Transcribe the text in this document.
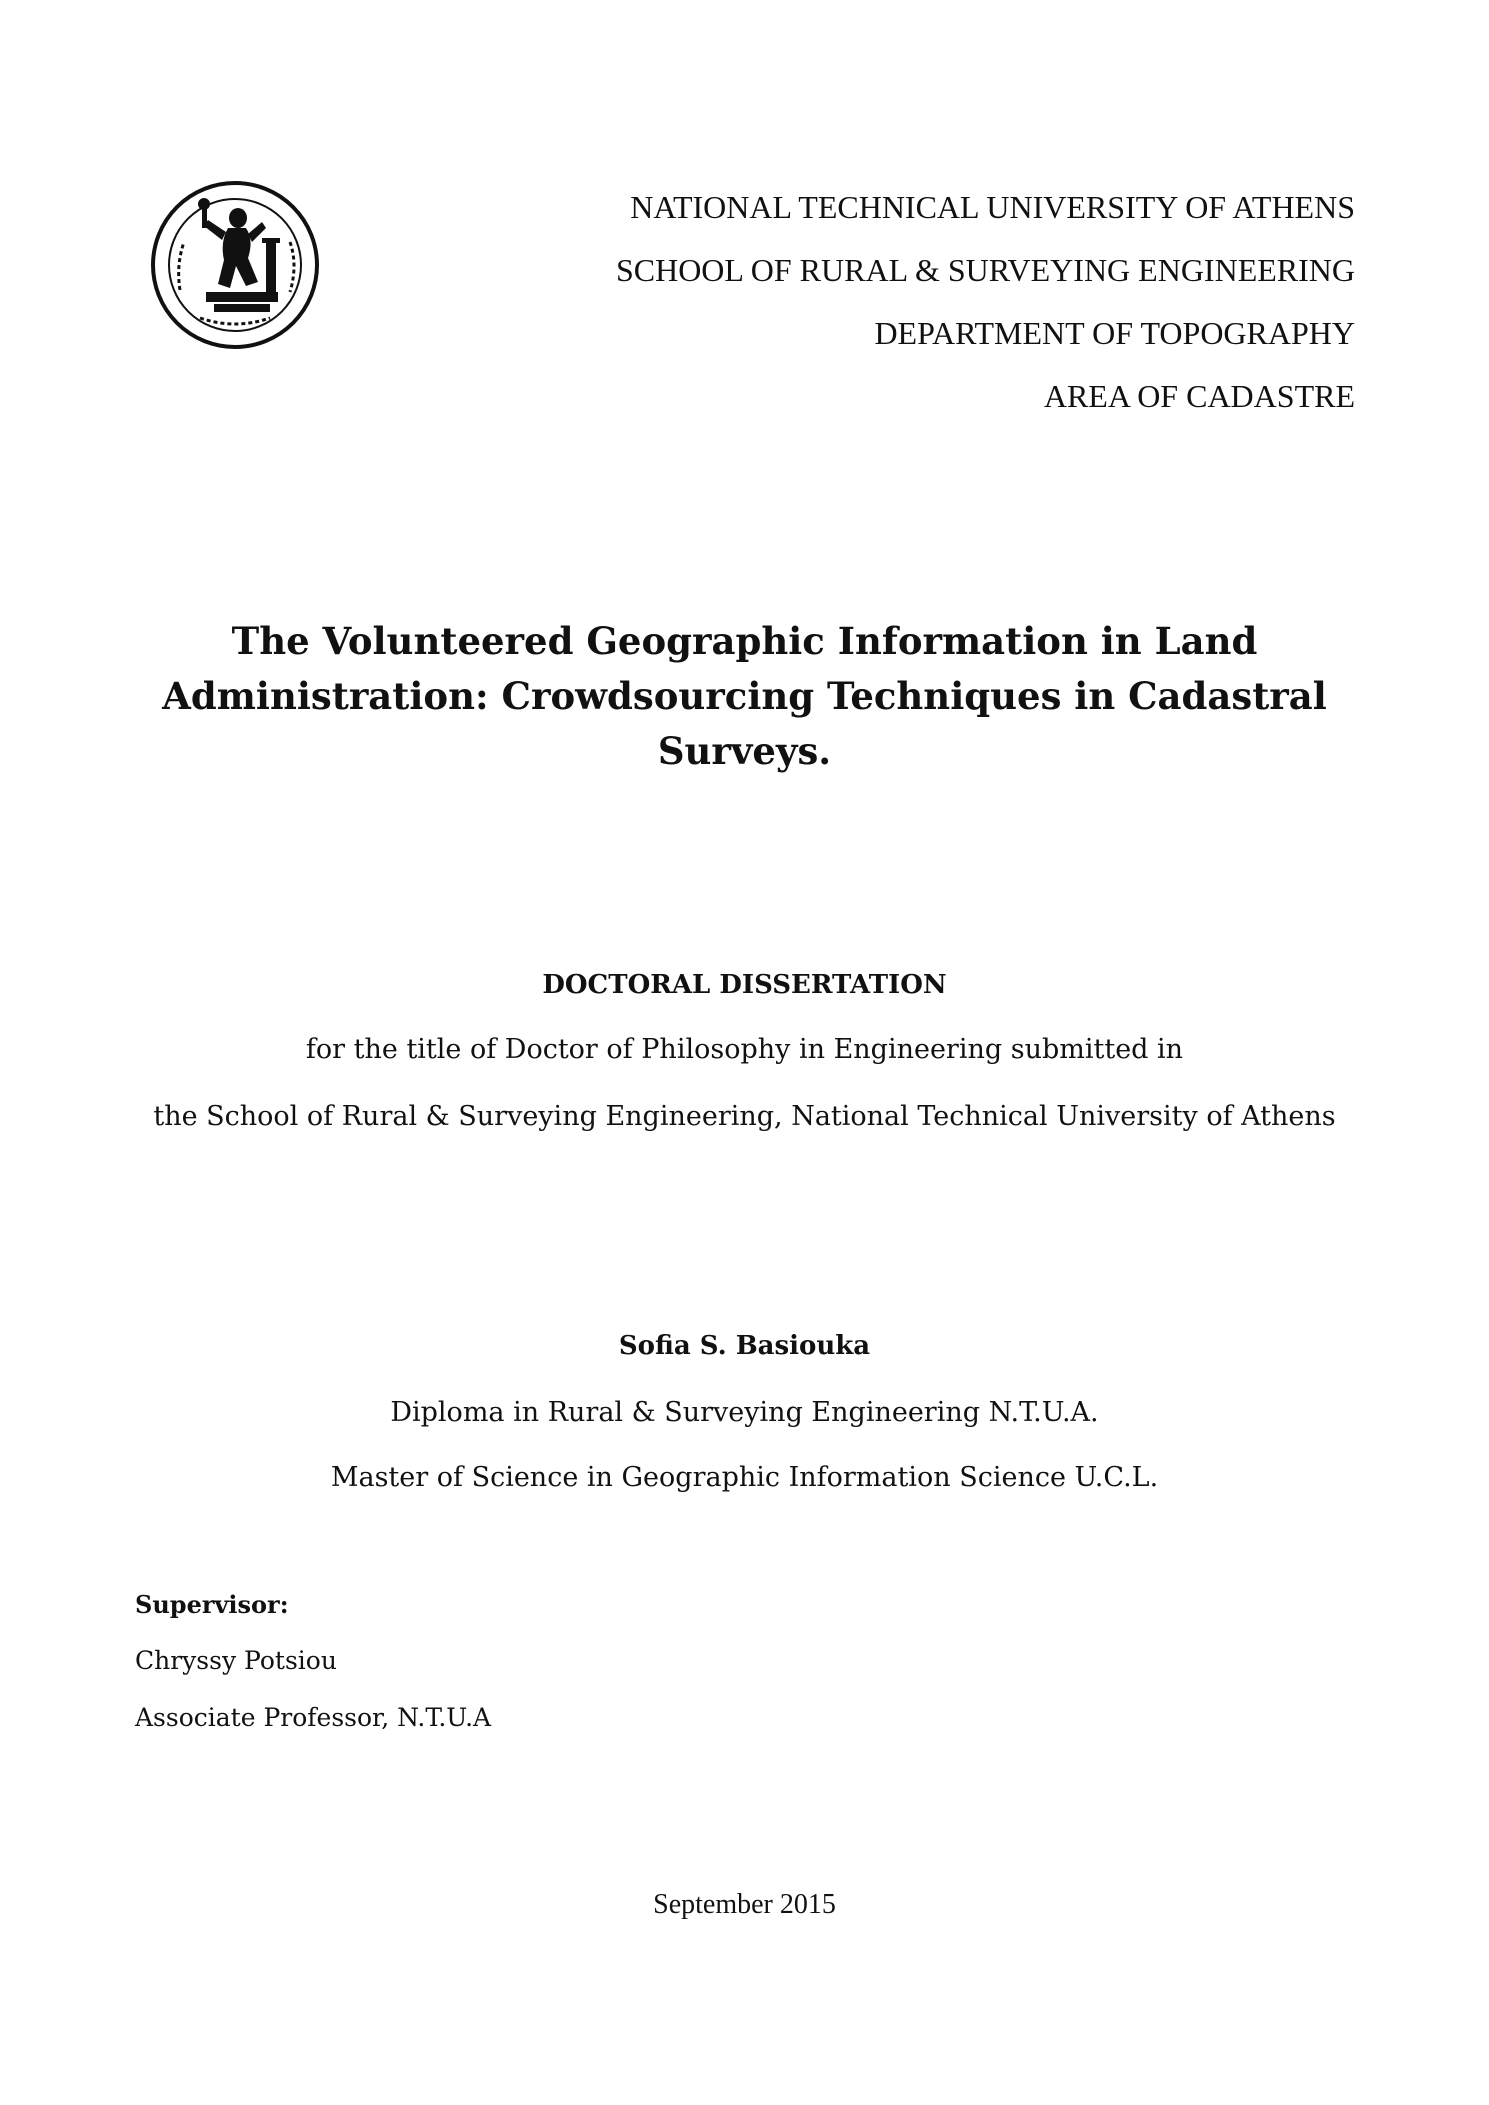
NATIONAL TECHNICAL UNIVERSITY OF ATHENS
SCHOOL OF RURAL & SURVEYING ENGINEERING
DEPARTMENT OF TOPOGRAPHY
AREA OF CADASTRE
The Volunteered Geographic Information in Land Administration: Crowdsourcing Techniques in Cadastral Surveys.
DOCTORAL DISSERTATION
for the title of Doctor of Philosophy in Engineering submitted in
the School of Rural & Surveying Engineering, National Technical University of Athens
Sofia S. Basiouka
Diploma in Rural & Surveying Engineering N.T.U.A.
Master of Science in Geographic Information Science U.C.L.
Supervisor:
Chryssy Potsiou
Associate Professor, N.T.U.A
September 2015
